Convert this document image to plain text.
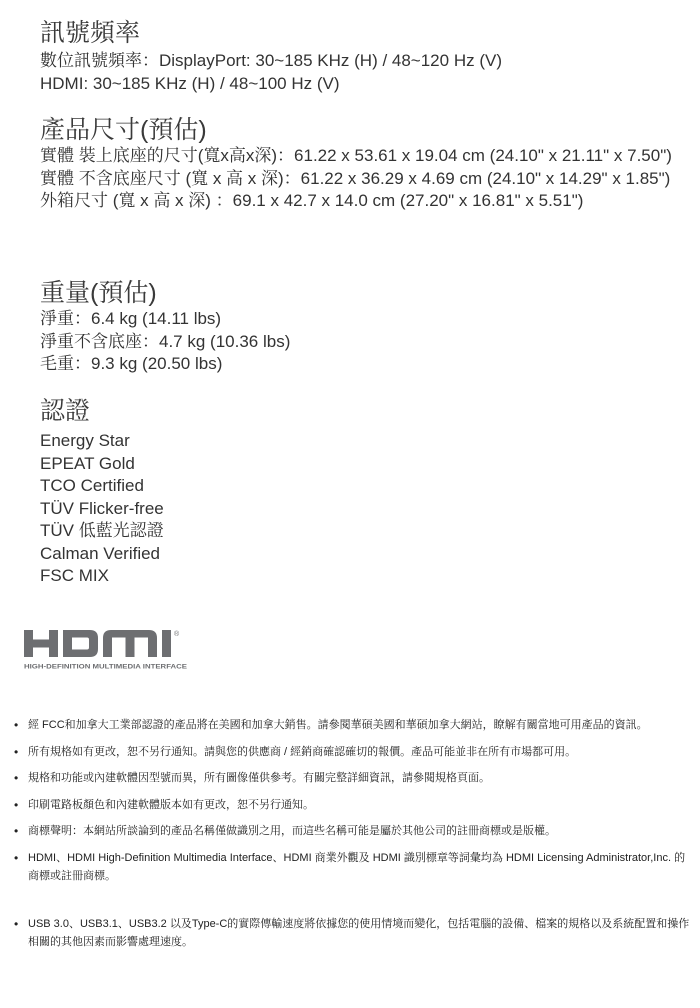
訊號頻率

數位訊號頻率：DisplayPort: 30~185 KHz (H) / 48~120 Hz (V)

HDMI: 30~185 KHz (H) / 48~100 Hz (V)

產品尺寸(預估)

實體 裝上底座的尺寸(寬x高x深)：61.22 x 53.61 x 19.04 cm (24.10" x 21.11" x 7.50")

實體 不含底座尺寸 (寬 x 高 x 深)：61.22 x 36.29 x 4.69 cm (24.10" x 14.29" x 1.85")

外箱尺寸 (寬 x 高 x 深) ：69.1 x 42.7 x 14.0 cm (27.20" x 16.81" x 5.51")

重量(預估)

淨重：6.4 kg (14.11 lbs)

淨重不含底座：4.7 kg (10.36 lbs)

毛重：9.3 kg (20.50 lbs)

認證

Energy Star

EPEAT Gold

TCO Certified

TÜV Flicker-free

TÜV 低藍光認證

Calman Verified

FSC MIX

®
HIGH-DEFINITION MULTIMEDIA INTERFACE
• 經 FCC和加拿大工業部認證的產品將在美國和加拿大銷售。請參閱華碩美國和華碩加拿大網站，瞭解有關當地可用產品的資訊。
• 所有規格如有更改，恕不另行通知。請與您的供應商 / 經銷商確認確切的報價。產品可能並非在所有市場都可用。
• 規格和功能或內建軟體因型號而異，所有圖像僅供參考。有關完整詳細資訊，請參閱規格頁面。
• 印刷電路板顏色和內建軟體版本如有更改，恕不另行通知。
• 商標聲明：本網站所談論到的產品名稱僅做識別之用，而這些名稱可能是屬於其他公司的註冊商標或是版權。
• HDMI、HDMI High-Definition Multimedia Interface、HDMI 商業外觀及 HDMI 識別標章等詞彙均為 HDMI Licensing Administrator,Inc. 的商標或註冊商標。
• USB 3.0、USB3.1、USB3.2 以及Type-C的實際傳輸速度將依據您的使用情境而變化，包括電腦的設備、檔案的規格以及系統配置和操作相關的其他因素而影響處理速度。
